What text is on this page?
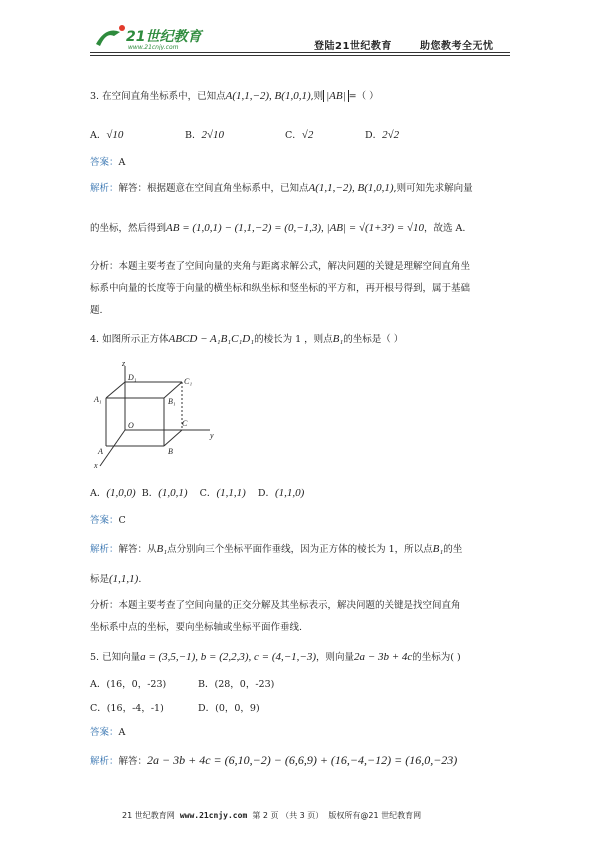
21世纪教育
www.21cnjy.com	登陆21世纪教育	助您教考全无忧
3. 在空间直角坐标系中，已知点A(1,1,−2), B(1,0,1),则 |AB| =（ ）
A．√10	B．2√10	C．√2	D．2√2
答案：A
解析：解答：根据题意在空间直角坐标系中，已知点A(1,1,−2), B(1,0,1),则可知先求解向量
的坐标，然后得到AB = (1,0,1) − (1,1,−2) = (0,−1,3), |AB| = √(1+3²) = √10，故选 A.
分析：本题主要考查了空间向量的夹角与距离求解公式，解决问题的关键是理解空间直角坐
标系中向量的长度等于向量的横坐标和纵坐标和竖坐标的平方和，再开根号得到，属于基础
题.
4. 如图所示正方体ABCD − A₁B₁C₁D₁的棱长为 1 ，则点B₁的坐标是（ ）
z
D₁	C₁
A₁	B₁
O	C
B
y
A
x
A．(1,0,0) B．(1,0,1) C．(1,1,1) D．(1,1,0)
答案：C
解析：解答：从B₁点分别向三个坐标平面作垂线，因为正方体的棱长为 1，所以点B₁的坐
标是(1,1,1).
分析：本题主要考查了空间向量的正交分解及其坐标表示，解决问题的关键是找空间直角
坐标系中点的坐标，要向坐标轴或坐标平面作垂线.
5. 已知向量a = (3,5,−1), b = (2,2,3), c = (4,−1,−3)，则向量2a − 3b + 4c的坐标为( )
A．(16，0，-23)	B．(28，0，-23)
C．(16，-4，-1)	D．(0，0，9)
答案：A
解析：解答：2a − 3b + 4c = (6,10,−2) − (6,6,9) + (16,−4,−12) = (16,0,−23)
21 世纪教育网 www.21cnjy.com 第 2 页 （共 3 页） 版权所有@21 世纪教育网
